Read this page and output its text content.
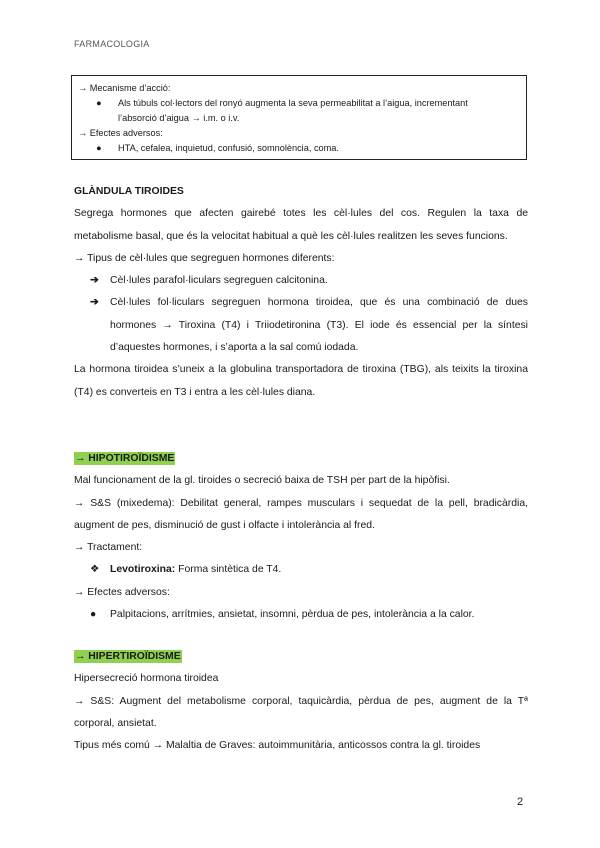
FARMACOLOGIA
→ Mecanisme d’acció:
●	Als túbuls col·lectors del ronyó augmenta la seva permeabilitat a l’aigua, incrementant
l’absorció d’aigua → i.m. o i.v.
→ Efectes adversos:
●	HTA, cefalea, inquietud, confusió, somnolència, coma.

GLÀNDULA TIROIDES

Segrega hormones que afecten gairebé totes les cèl·lules del cos. Regulen la taxa de metabolisme basal, que és la velocitat habitual a què les cèl·lules realitzen les seves funcions.

→ Tipus de cèl·lules que segreguen hormones diferents:

➔ Cèl·lules parafol·liculars segreguen calcitonina.

➔ Cèl·lules fol·liculars segreguen hormona tiroidea, que és una combinació de dues hormones → Tiroxina (T4) i Triiodetironina (T3). El iode és essencial per la síntesi d’aquestes hormones, i s’aporta a la sal comú iodada.

La hormona tiroidea s’uneix a la globulina transportadora de tiroxina (TBG), als teixits la tiroxina (T4) es converteis en T3 i entra a les cèl·lules diana.

→ HIPOTIROÏDISME

Mal funcionament de la gl. tiroides o secreció baixa de TSH per part de la hipòfisi.

→ S&S (mixedema): Debilitat general, rampes musculars i sequedat de la pell, bradicàrdia, augment de pes, disminució de gust i olfacte i intolerància al fred.

→ Tractament:

❖ Levotiroxina: Forma sintètica de T4.

→ Efectes adversos:

● Palpitacions, arrítmies, ansietat, insomni, pèrdua de pes, intolerància a la calor.

→ HIPERTIROÏDISME

Hipersecreció hormona tiroidea

→ S&S: Augment del metabolisme corporal, taquicàrdia, pèrdua de pes, augment de la Tª corporal, ansietat.

Tipus més comú → Malaltia de Graves: autoimmunitària, anticossos contra la gl. tiroides

2
